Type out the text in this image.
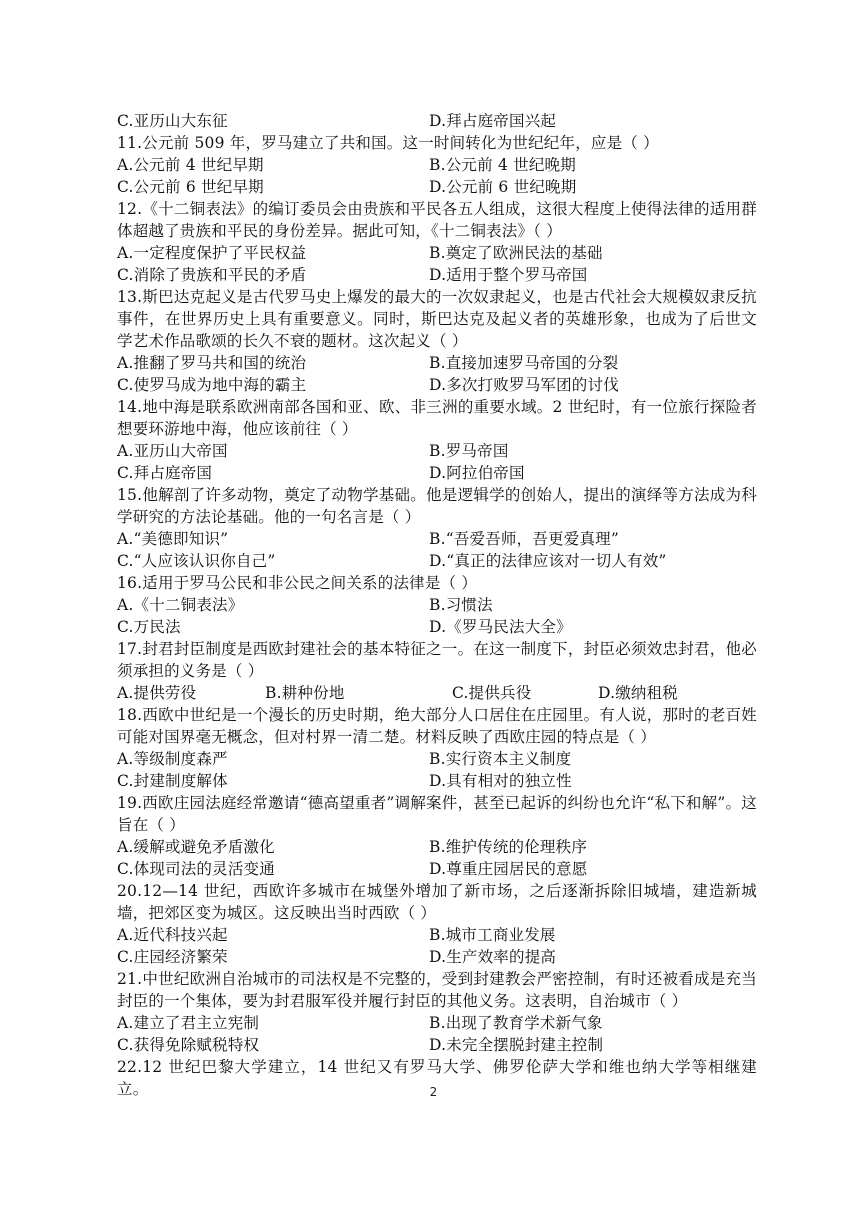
C.亚历山大东征	D.拜占庭帝国兴起
11.公元前 509 年，罗马建立了共和国。这一时间转化为世纪纪年，应是（ ）
A.公元前 4 世纪早期	B.公元前 4 世纪晚期
C.公元前 6 世纪早期	D.公元前 6 世纪晚期
12.《十二铜表法》的编订委员会由贵族和平民各五人组成，这很大程度上使得法律的适用群体超越了贵族和平民的身份差异。据此可知，《十二铜表法》（ ）
A.一定程度保护了平民权益	B.奠定了欧洲民法的基础
C.消除了贵族和平民的矛盾	D.适用于整个罗马帝国
13.斯巴达克起义是古代罗马史上爆发的最大的一次奴隶起义，也是古代社会大规模奴隶反抗事件，在世界历史上具有重要意义。同时，斯巴达克及起义者的英雄形象，也成为了后世文学艺术作品歌颂的长久不衰的题材。这次起义（ ）
A.推翻了罗马共和国的统治	B.直接加速罗马帝国的分裂
C.使罗马成为地中海的霸主	D.多次打败罗马军团的讨伐
14.地中海是联系欧洲南部各国和亚、欧、非三洲的重要水域。2 世纪时，有一位旅行探险者想要环游地中海，他应该前往（ ）
A.亚历山大帝国	B.罗马帝国
C.拜占庭帝国	D.阿拉伯帝国
15.他解剖了许多动物，奠定了动物学基础。他是逻辑学的创始人，提出的演绎等方法成为科学研究的方法论基础。他的一句名言是（ ）
A.“美德即知识”	B.“吾爱吾师，吾更爱真理”
C.“人应该认识你自己”	D.“真正的法律应该对一切人有效”
16.适用于罗马公民和非公民之间关系的法律是（ ）
A.《十二铜表法》	B.习惯法
C.万民法	D.《罗马民法大全》
17.封君封臣制度是西欧封建社会的基本特征之一。在这一制度下，封臣必须效忠封君，他必须承担的义务是（ ）
A.提供劳役	B.耕种份地	C.提供兵役	D.缴纳租税
18.西欧中世纪是一个漫长的历史时期，绝大部分人口居住在庄园里。有人说，那时的老百姓可能对国界毫无概念，但对村界一清二楚。材料反映了西欧庄园的特点是（ ）
A.等级制度森严	B.实行资本主义制度
C.封建制度解体	D.具有相对的独立性
19.西欧庄园法庭经常邀请“德高望重者”调解案件，甚至已起诉的纠纷也允许“私下和解”。这旨在（ ）
A.缓解或避免矛盾激化	B.维护传统的伦理秩序
C.体现司法的灵活变通	D.尊重庄园居民的意愿
20.12—14 世纪，西欧许多城市在城堡外增加了新市场，之后逐渐拆除旧城墙，建造新城墙，把郊区变为城区。这反映出当时西欧（ ）
A.近代科技兴起	B.城市工商业发展
C.庄园经济繁荣	D.生产效率的提高
21.中世纪欧洲自治城市的司法权是不完整的，受到封建教会严密控制，有时还被看成是充当封臣的一个集体，要为封君服军役并履行封臣的其他义务。这表明，自治城市（ ）
A.建立了君主立宪制	B.出现了教育学术新气象
C.获得免除赋税特权	D.未完全摆脱封建主控制
22.12 世纪巴黎大学建立，14 世纪又有罗马大学、佛罗伦萨大学和维也纳大学等相继建立。	2
